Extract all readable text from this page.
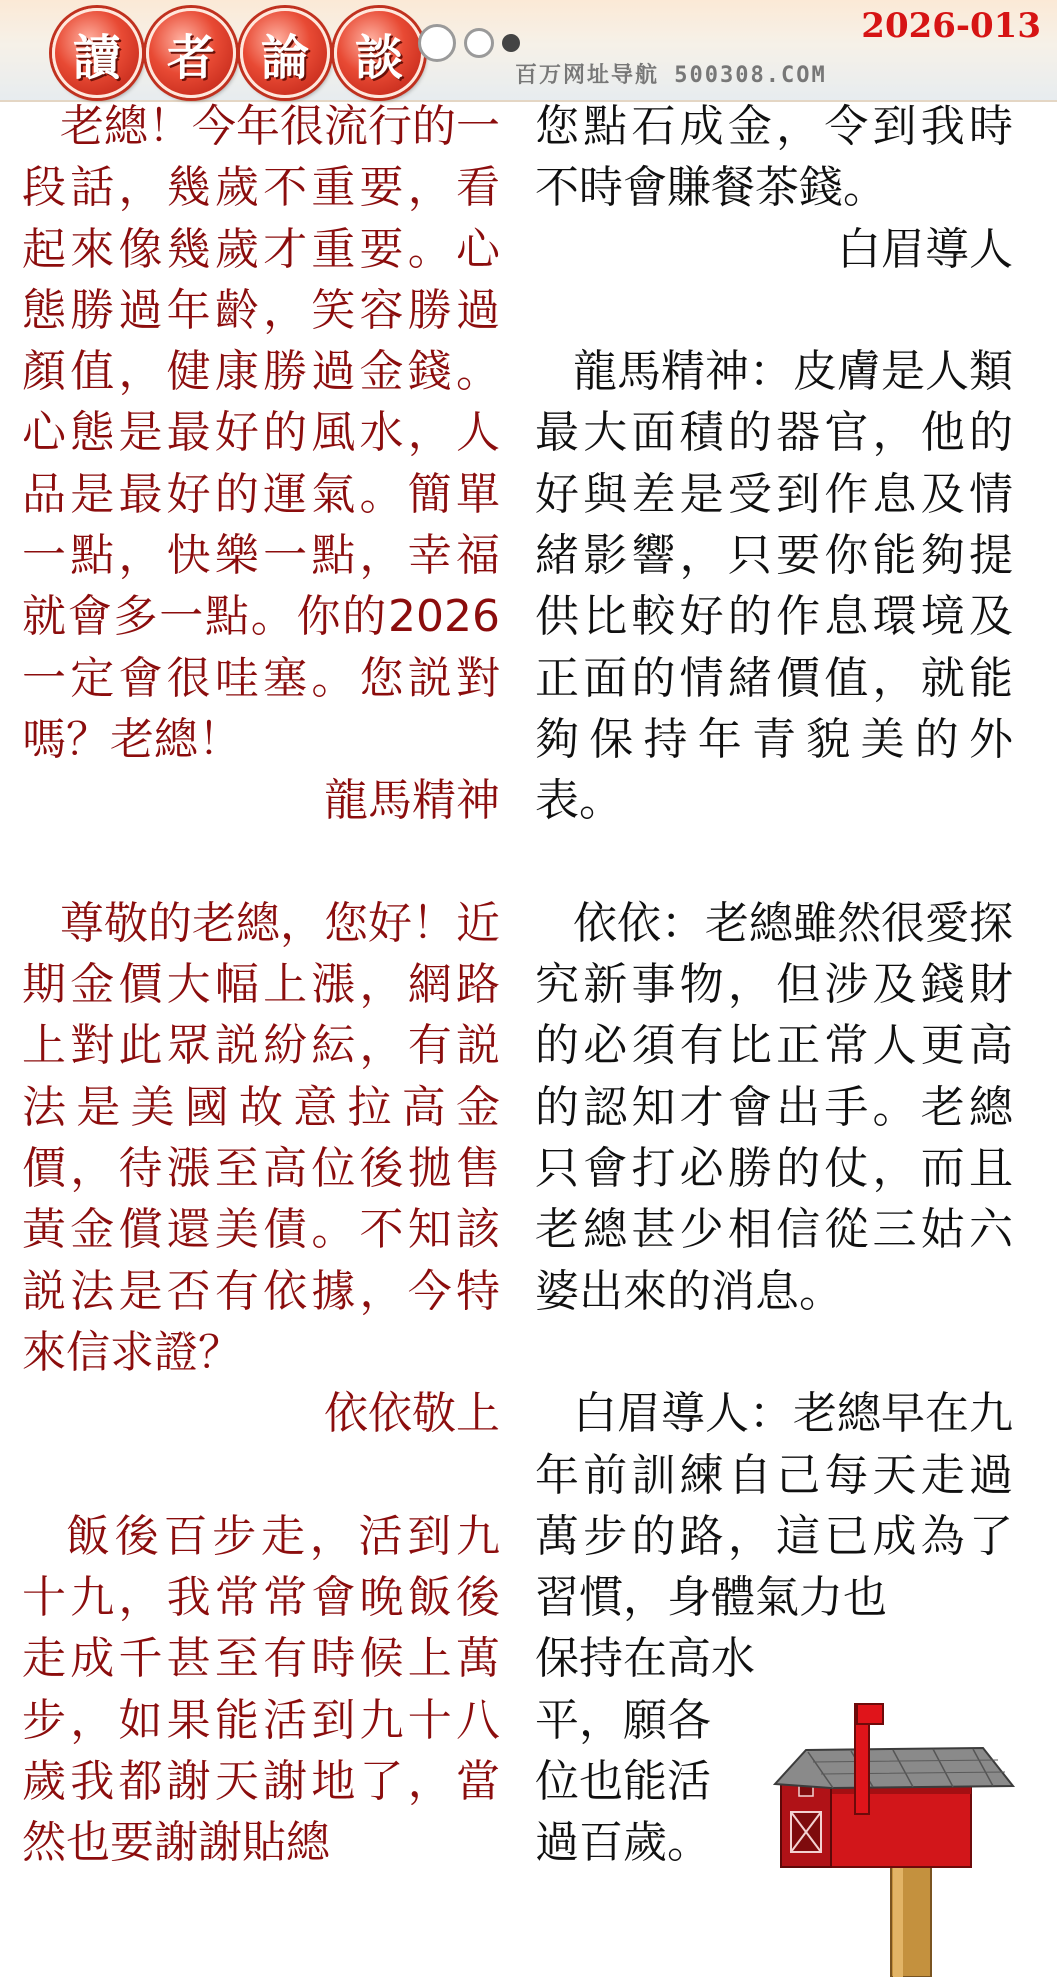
讀 者 論 談
2026-013
百万网址导航 500308.COM

老總！今年很流行的一段話，幾歲不重要，看起來像幾歲才重要。心態勝過年齡，笑容勝過顏值，健康勝過金錢。心態是最好的風水，人品是最好的運氣。簡單一點，快樂一點，幸福就會多一點。你的2026一定會很哇塞。您説對嗎？老總！

龍馬精神

尊敬的老總，您好！近期金價大幅上漲，網路上對此眾説紛紜，有説法是美國故意拉高金價，待漲至高位後拋售黃金償還美債。不知該説法是否有依據，今特來信求證？

依依敬上

飯後百步走，活到九十九，我常常會晚飯後走成千甚至有時候上萬步，如果能活到九十八歲我都謝天謝地了，當然也要謝謝貼總

您點石成金，令到我時不時會賺餐茶錢。

白眉導人

龍馬精神：皮膚是人類最大面積的器官，他的好與差是受到作息及情緒影響，只要你能夠提供比較好的作息環境及正面的情緒價值，就能夠保持年青貌美的外表。

依依：老總雖然很愛探究新事物，但涉及錢財的必須有比正常人更高的認知才會出手。老總只會打必勝的仗，而且老總甚少相信從三姑六婆出來的消息。

白眉導人：老總早在九年前訓練自己每天走過萬步的路，這已成為了習慣，身體氣力也

保持在高水
平，願各
位也能活
過百歲。
